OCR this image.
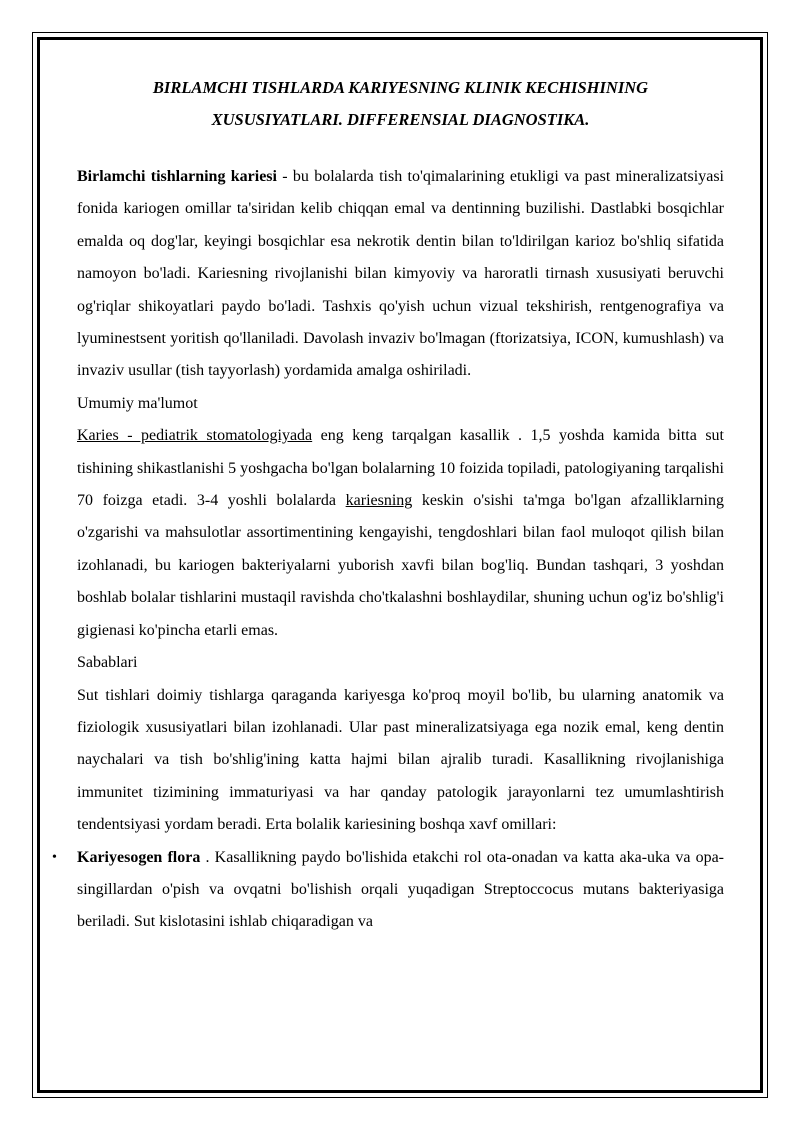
BIRLAMCHI TISHLARDA KARIYESNING KLINIK KECHISHINING
XUSUSIYATLARI. DIFFERENSIAL DIAGNOSTIKA.

Birlamchi tishlarning kariesi - bu bolalarda tish to'qimalarining etukligi va past mineralizatsiyasi fonida kariogen omillar ta'siridan kelib chiqqan emal va dentinning buzilishi. Dastlabki bosqichlar emalda oq dog'lar, keyingi bosqichlar esa nekrotik dentin bilan to'ldirilgan karioz bo'shliq sifatida namoyon bo'ladi. Kariesning rivojlanishi bilan kimyoviy va haroratli tirnash xususiyati beruvchi og'riqlar shikoyatlari paydo bo'ladi. Tashxis qo'yish uchun vizual tekshirish, rentgenografiya va lyuminestsent yoritish qo'llaniladi. Davolash invaziv bo'lmagan (ftorizatsiya, ICON, kumushlash) va invaziv usullar (tish tayyorlash) yordamida amalga oshiriladi.

Umumiy ma'lumot

Karies - pediatrik stomatologiyada eng keng tarqalgan kasallik . 1,5 yoshda kamida bitta sut tishining shikastlanishi 5 yoshgacha bo'lgan bolalarning 10 foizida topiladi, patologiyaning tarqalishi 70 foizga etadi. 3-4 yoshli bolalarda kariesning keskin o'sishi ta'mga bo'lgan afzalliklarning o'zgarishi va mahsulotlar assortimentining kengayishi, tengdoshlari bilan faol muloqot qilish bilan izohlanadi, bu kariogen bakteriyalarni yuborish xavfi bilan bog'liq. Bundan tashqari, 3 yoshdan boshlab bolalar tishlarini mustaqil ravishda cho'tkalashni boshlaydilar, shuning uchun og'iz bo'shlig'i gigienasi ko'pincha etarli emas.

Sabablari

Sut tishlari doimiy tishlarga qaraganda kariyesga ko'proq moyil bo'lib, bu ularning anatomik va fiziologik xususiyatlari bilan izohlanadi. Ular past mineralizatsiyaga ega nozik emal, keng dentin naychalari va tish bo'shlig'ining katta hajmi bilan ajralib turadi. Kasallikning rivojlanishiga immunitet tizimining immaturiyasi va har qanday patologik jarayonlarni tez umumlashtirish tendentsiyasi yordam beradi. Erta bolalik kariesining boshqa xavf omillari:

• Kariyesogen flora . Kasallikning paydo bo'lishida etakchi rol ota-onadan va katta aka-uka va opa-singillardan o'pish va ovqatni bo'lishish orqali yuqadigan Streptoccocus mutans bakteriyasiga beriladi. Sut kislotasini ishlab chiqaradigan va
